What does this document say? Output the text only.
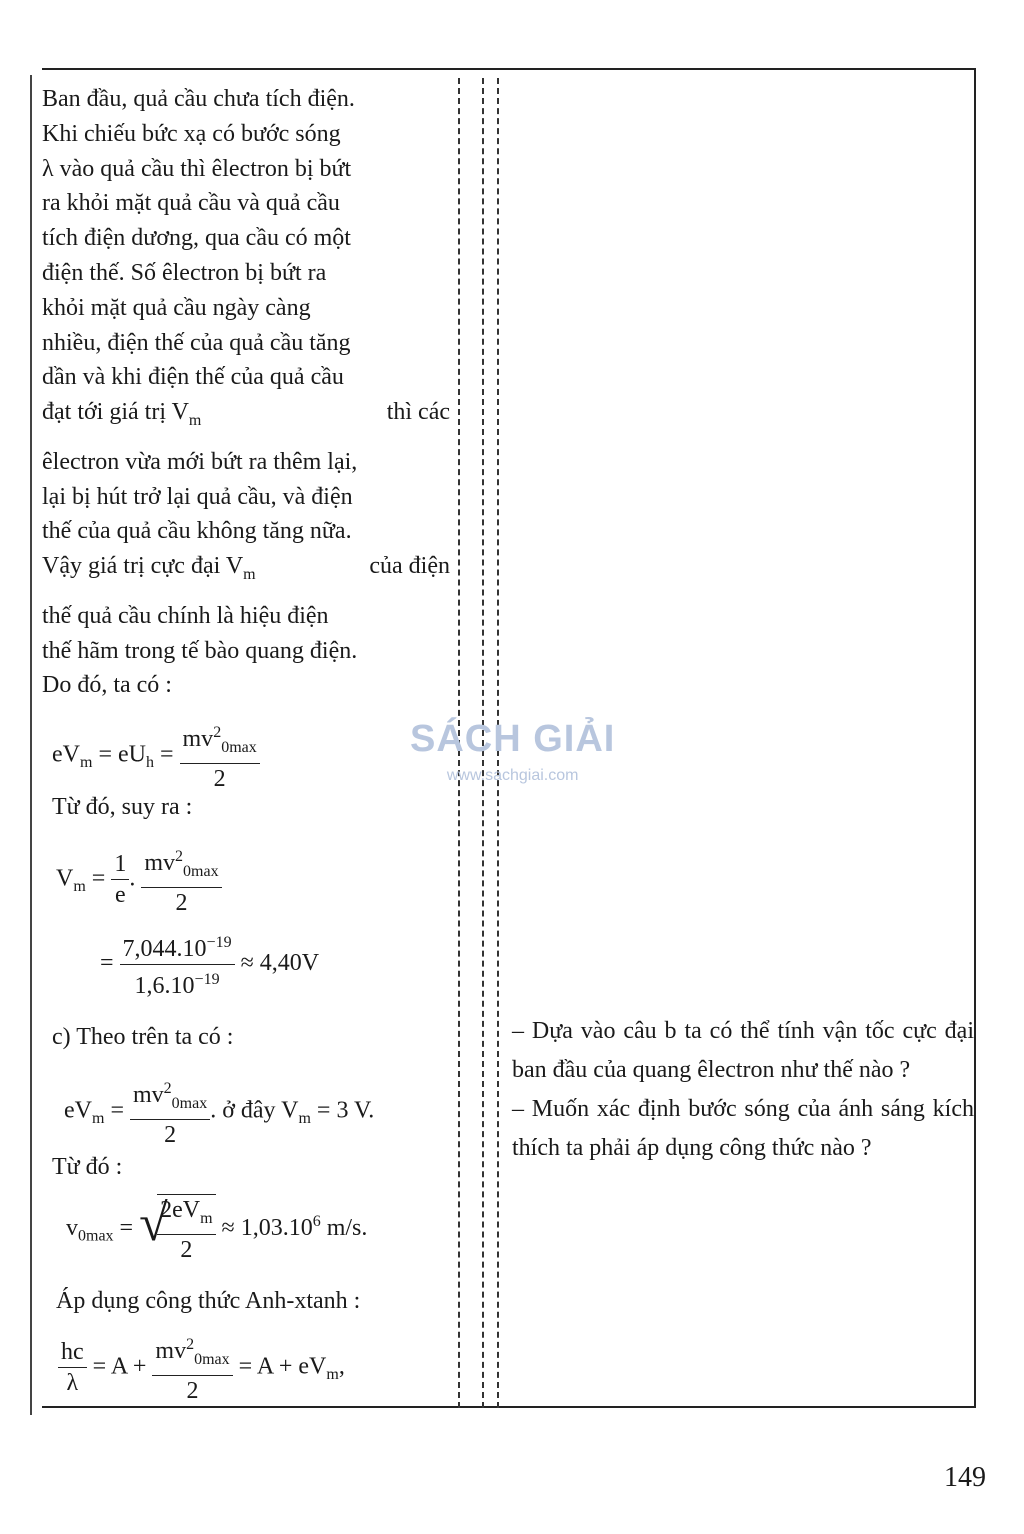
Ban đầu, quả cầu chưa tích điện.

Khi chiếu bức xạ có bước sóng

λ vào quả cầu thì êlectron bị bứt

ra khỏi mặt quả cầu và quả cầu

tích điện dương, qua cầu có một

điện thế. Số êlectron bị bứt ra

khỏi mặt quả cầu ngày càng

nhiều, điện thế của quả cầu tăng

dần và khi điện thế của quả cầu

đạt tới giá trị $V_m$	thì các

êlectron vừa mới bứt ra thêm lại,

lại bị hút trở lại quả cầu, và điện

thế của quả cầu không tăng nữa.

Vậy giá trị cực đại $V_m$	của điện

thế quả cầu chính là hiệu điện

thế hãm trong tế bào quang điện.

Do đó, ta có :

$eV_m = eU_h = \frac{mv^2_{0max}}{2}$
Từ đó, suy ra :
$V_m = \frac{1}{e}$ . $\frac{mv^2_{0max}}{2}$
= $\frac{7,044.10^{-19}}{1,6.10^{-19}} \approx 4,40V$
c) Theo trên ta có :
$eV_m = \frac{mv^2_{0max}}{2}$ . ở đây $V_m = 3$ V.
Từ đó :
$v_{0max}$ = √
$\frac{2eV_m}{2} \approx 1,03.10^6$ m/s.
Áp dụng công thức Anh-xtanh :
$\frac{hc}{\lambda} = A + \frac{mv^2_{0max}}{2} = A + eV_m$,

– Dựa vào câu b ta có thể tính vận tốc cực đại ban đầu của quang êlectron như thế nào ?

– Muốn xác định bước sóng của ánh sáng kích thích ta phải áp dụng công thức nào ?

SÁCH GIẢI
www.sachgiai.com
149
